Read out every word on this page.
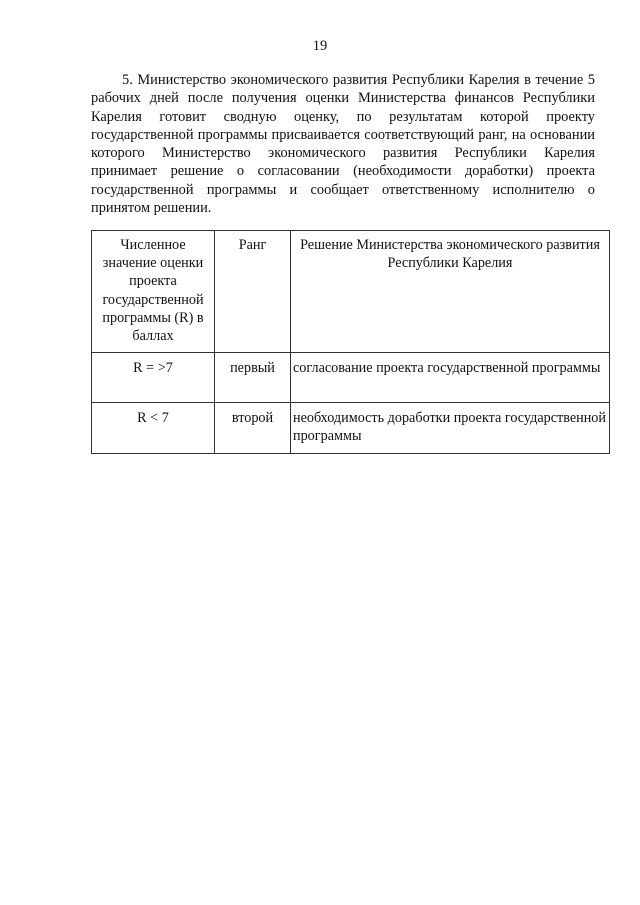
19

5. Министерство экономического развития Республики Карелия в течение 5 рабочих дней после получения оценки Министерства финансов Республики Карелия готовит сводную оценку, по результатам которой проекту государственной программы присваивается соответствующий ранг, на основании которого Министерство экономического развития Республики Карелия принимает решение о согласовании (необходимости доработки) проекта государственной программы и сообщает ответственному исполнителю о принятом решении.

Численное значение оценки проекта государственной программы (R) в баллах	Ранг	Решение Министерства экономического развития Республики Карелия
R = >7	первый	согласование проекта государственной программы
R < 7	второй	необходимость доработки проекта государственной программы
